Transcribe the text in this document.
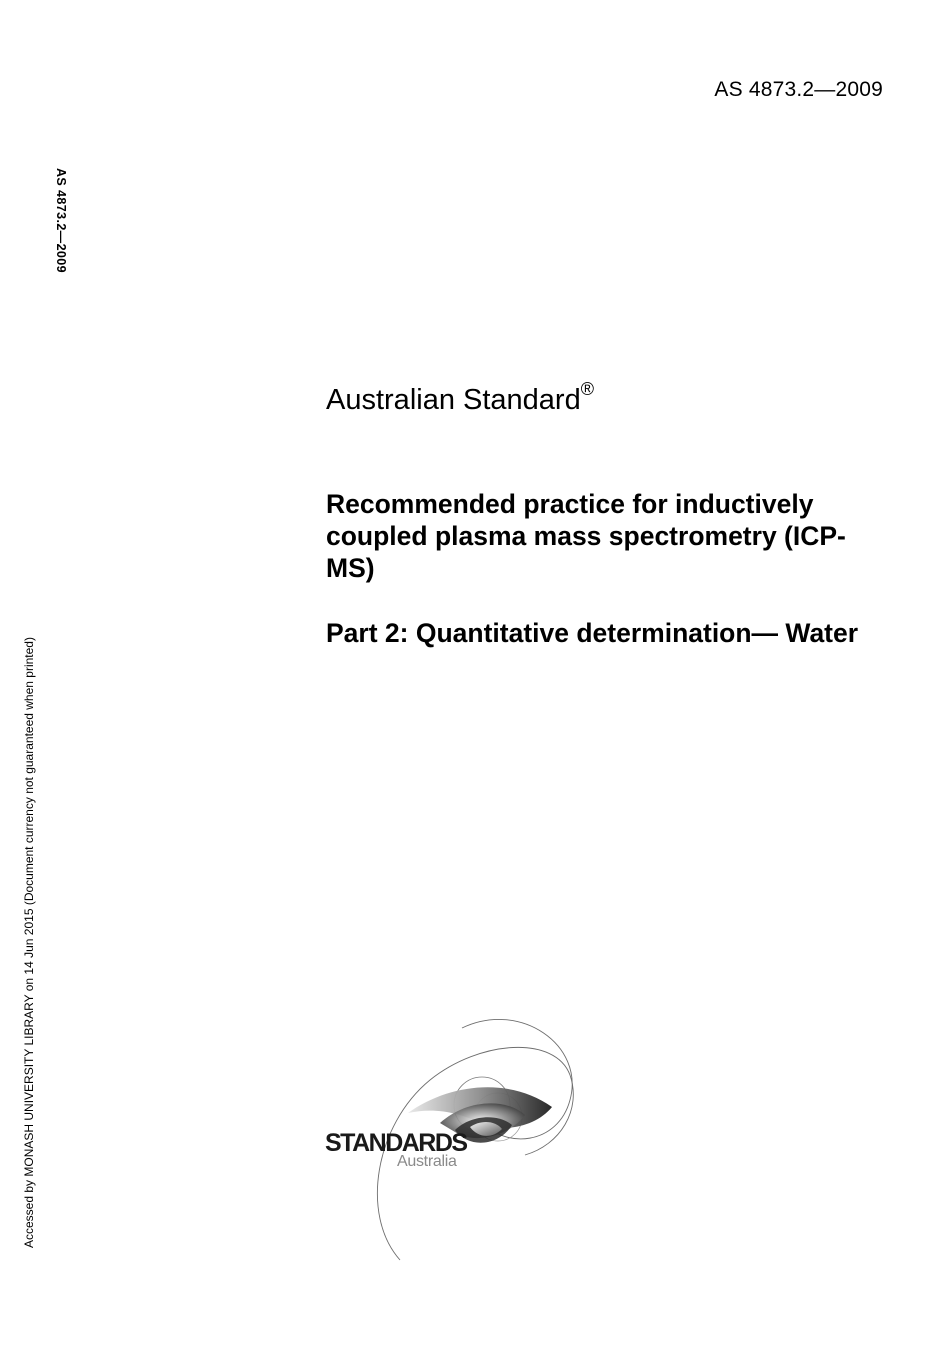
AS 4873.2—2009
AS 4873.2—2009
Accessed by MONASH UNIVERSITY LIBRARY on 14 Jun 2015 (Document currency not guaranteed when printed)
Australian Standard®
Recommended practice for inductively coupled plasma mass spectrometry (ICP-MS)
Part 2: Quantitative determination— Water
STANDARDS
Australia
